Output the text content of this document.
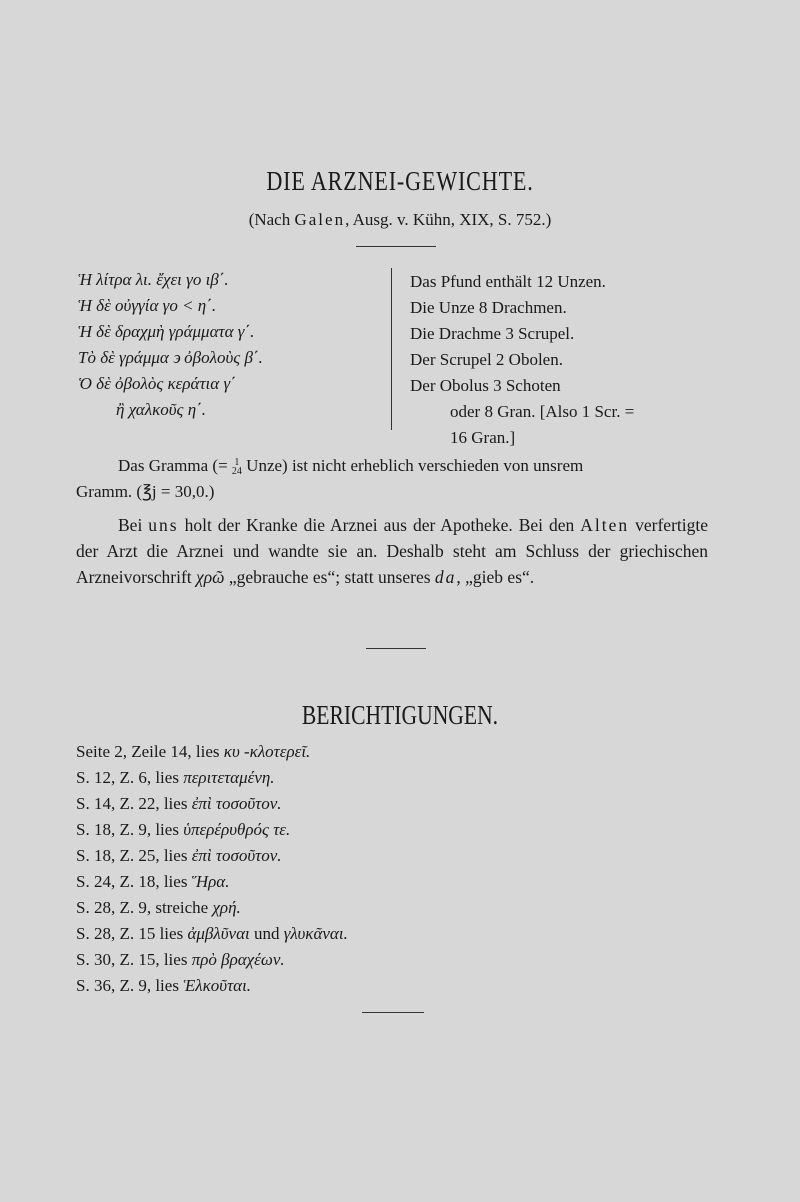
DIE ARZNEI-GEWICHTE.
(Nach Galen, Ausg. v. Kühn, XIX, S. 752.)
Ἡ λίτρα λι. ἔχει γο ιβ΄.
Ἡ δὲ οὐγγία γο < η΄.
Ἡ δὲ δραχμὴ γράμματα γ΄.
Τὸ δὲ γράμμα ϶ ὀβολοὺς β΄.
Ὁ δὲ ὀβολὸς κεράτια γ΄
ἢ χαλκοῦς η΄.
Das Pfund enthält 12 Unzen.
Die Unze 8 Drachmen.
Die Drachme 3 Scrupel.
Der Scrupel 2 Obolen.
Der Obolus 3 Schoten
oder 8 Gran. [Also 1 Scr. =
16 Gran.]
Das Gramma (= 1
24 Unze) ist nicht erheblich verschieden von unsrem
Gramm. (℥j = 30,0.)
Bei uns holt der Kranke die Arznei aus der Apotheke. Bei den Alten verfertigte der Arzt die Arznei und wandte sie an. Deshalb steht am Schluss der griechischen Arzneivorschrift χρῶ „gebrauche es“; statt unseres da, „gieb es“.
BERICHTIGUNGEN.
Seite 2, Zeile 14, lies κυ -κλοτερεῖ.
S. 12, Z. 6, lies περιτεταμένη.
S. 14, Z. 22, lies ἐπὶ τοσοῦτον.
S. 18, Z. 9, lies ὑπερέρυθρός τε.
S. 18, Z. 25, lies ἐπὶ τοσοῦτον.
S. 24, Z. 18, lies Ἥρα.
S. 28, Z. 9, streiche χρή.
S. 28, Z. 15 lies ἀμβλῦναι und γλυκᾶναι.
S. 30, Z. 15, lies πρὸ βραχέων.
S. 36, Z. 9, lies Ἑλκοῦται.
